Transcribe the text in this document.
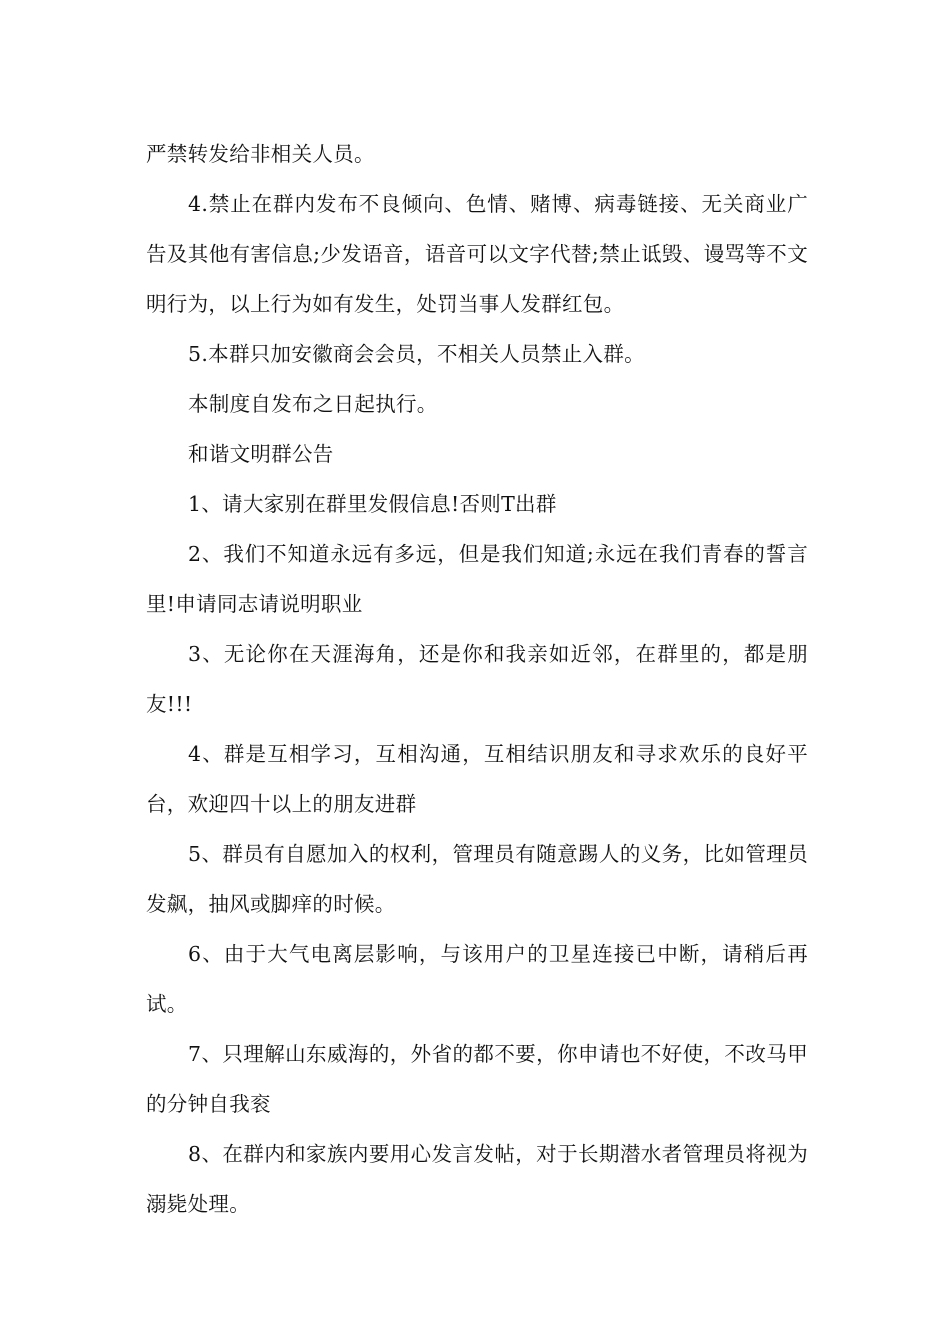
严禁转发给非相关人员。

4.禁止在群内发布不良倾向、色情、赌博、病毒链接、无关商业广告及其他有害信息;少发语音，语音可以文字代替;禁止诋毁、谩骂等不文明行为，以上行为如有发生，处罚当事人发群红包。

5.本群只加安徽商会会员，不相关人员禁止入群。

本制度自发布之日起执行。

和谐文明群公告

1、请大家别在群里发假信息!否则T出群

2、我们不知道永远有多远，但是我们知道;永远在我们青春的誓言里!申请同志请说明职业

3、无论你在天涯海角，还是你和我亲如近邻，在群里的，都是朋友!!!

4、群是互相学习，互相沟通，互相结识朋友和寻求欢乐的良好平台，欢迎四十以上的朋友进群

5、群员有自愿加入的权利，管理员有随意踢人的义务，比如管理员发飙，抽风或脚痒的时候。

6、由于大气电离层影响，与该用户的卫星连接已中断，请稍后再试。

7、只理解山东威海的，外省的都不要，你申请也不好使，不改马甲的分钟自我衮

8、在群内和家族内要用心发言发帖，对于长期潜水者管理员将视为溺毙处理。
